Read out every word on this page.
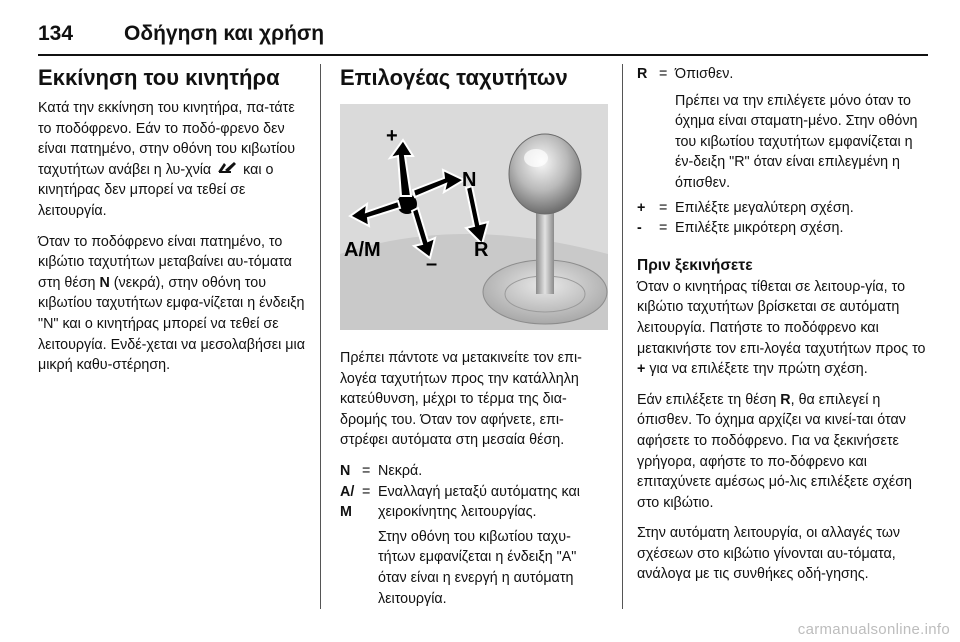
134 Οδήγηση και χρήση
Εκκίνηση του κινητήρα

Κατά την εκκίνηση του κινητήρα, πα-τάτε το ποδόφρενο. Εάν το ποδό-φρενο δεν είναι πατημένο, στην οθόνη του κιβωτίου ταχυτήτων ανάβει η λυ-χνία και ο κινητήρας δεν μπορεί να τεθεί σε λειτουργία.

Όταν το ποδόφρενο είναι πατημένο, το κιβώτιο ταχυτήτων μεταβαίνει αυ-τόματα στη θέση N (νεκρά), στην οθόνη του κιβωτίου ταχυτήτων εμφα-νίζεται η ένδειξη "N" και ο κινητήρας μπορεί να τεθεί σε λειτουργία. Ενδέ-χεται να μεσολαβήσει μια μικρή καθυ-στέρηση.

Επιλογέας ταχυτήτων
+
–
A/M
N
R

Πρέπει πάντοτε να μετακινείτε τον επι-λογέα ταχυτήτων προς την κατάλληλη κατεύθυνση, μέχρι το τέρμα της δια-δρομής του. Όταν τον αφήνετε, επι-στρέφει αυτόματα στη μεσαία θέση.

N = Νεκρά.
A/
M
= Εναλλαγή μεταξύ αυτόματης και χειροκίνητης λειτουργίας.

Στην οθόνη του κιβωτίου ταχυ-τήτων εμφανίζεται η ένδειξη "A" όταν είναι η ενεργή η αυτόματη λειτουργία.

R = Όπισθεν.

Πρέπει να την επιλέγετε μόνο όταν το όχημα είναι σταματη-μένο. Στην οθόνη του κιβωτίου ταχυτήτων εμφανίζεται η έν-δειξη "R" όταν είναι επιλεγμένη η όπισθεν.

+ = Επιλέξτε μεγαλύτερη σχέση.
-	= Επιλέξτε μικρότερη σχέση.
Πριν ξεκινήσετε

Όταν ο κινητήρας τίθεται σε λειτουρ-γία, το κιβώτιο ταχυτήτων βρίσκεται σε αυτόματη λειτουργία. Πατήστε το ποδόφρενο και μετακινήστε τον επι-λογέα ταχυτήτων προς το + για να επιλέξετε την πρώτη σχέση.

Εάν επιλέξετε τη θέση R, θα επιλεγεί η όπισθεν. Το όχημα αρχίζει να κινεί-ται όταν αφήσετε το ποδόφρενο. Για να ξεκινήσετε γρήγορα, αφήστε το πο-δόφρενο και επιταχύνετε αμέσως μό-λις επιλέξετε σχέση στο κιβώτιο.

Στην αυτόματη λειτουργία, οι αλλαγές των σχέσεων στο κιβώτιο γίνονται αυ-τόματα, ανάλογα με τις συνθήκες οδή-γησης.

carmanualsonline.info
